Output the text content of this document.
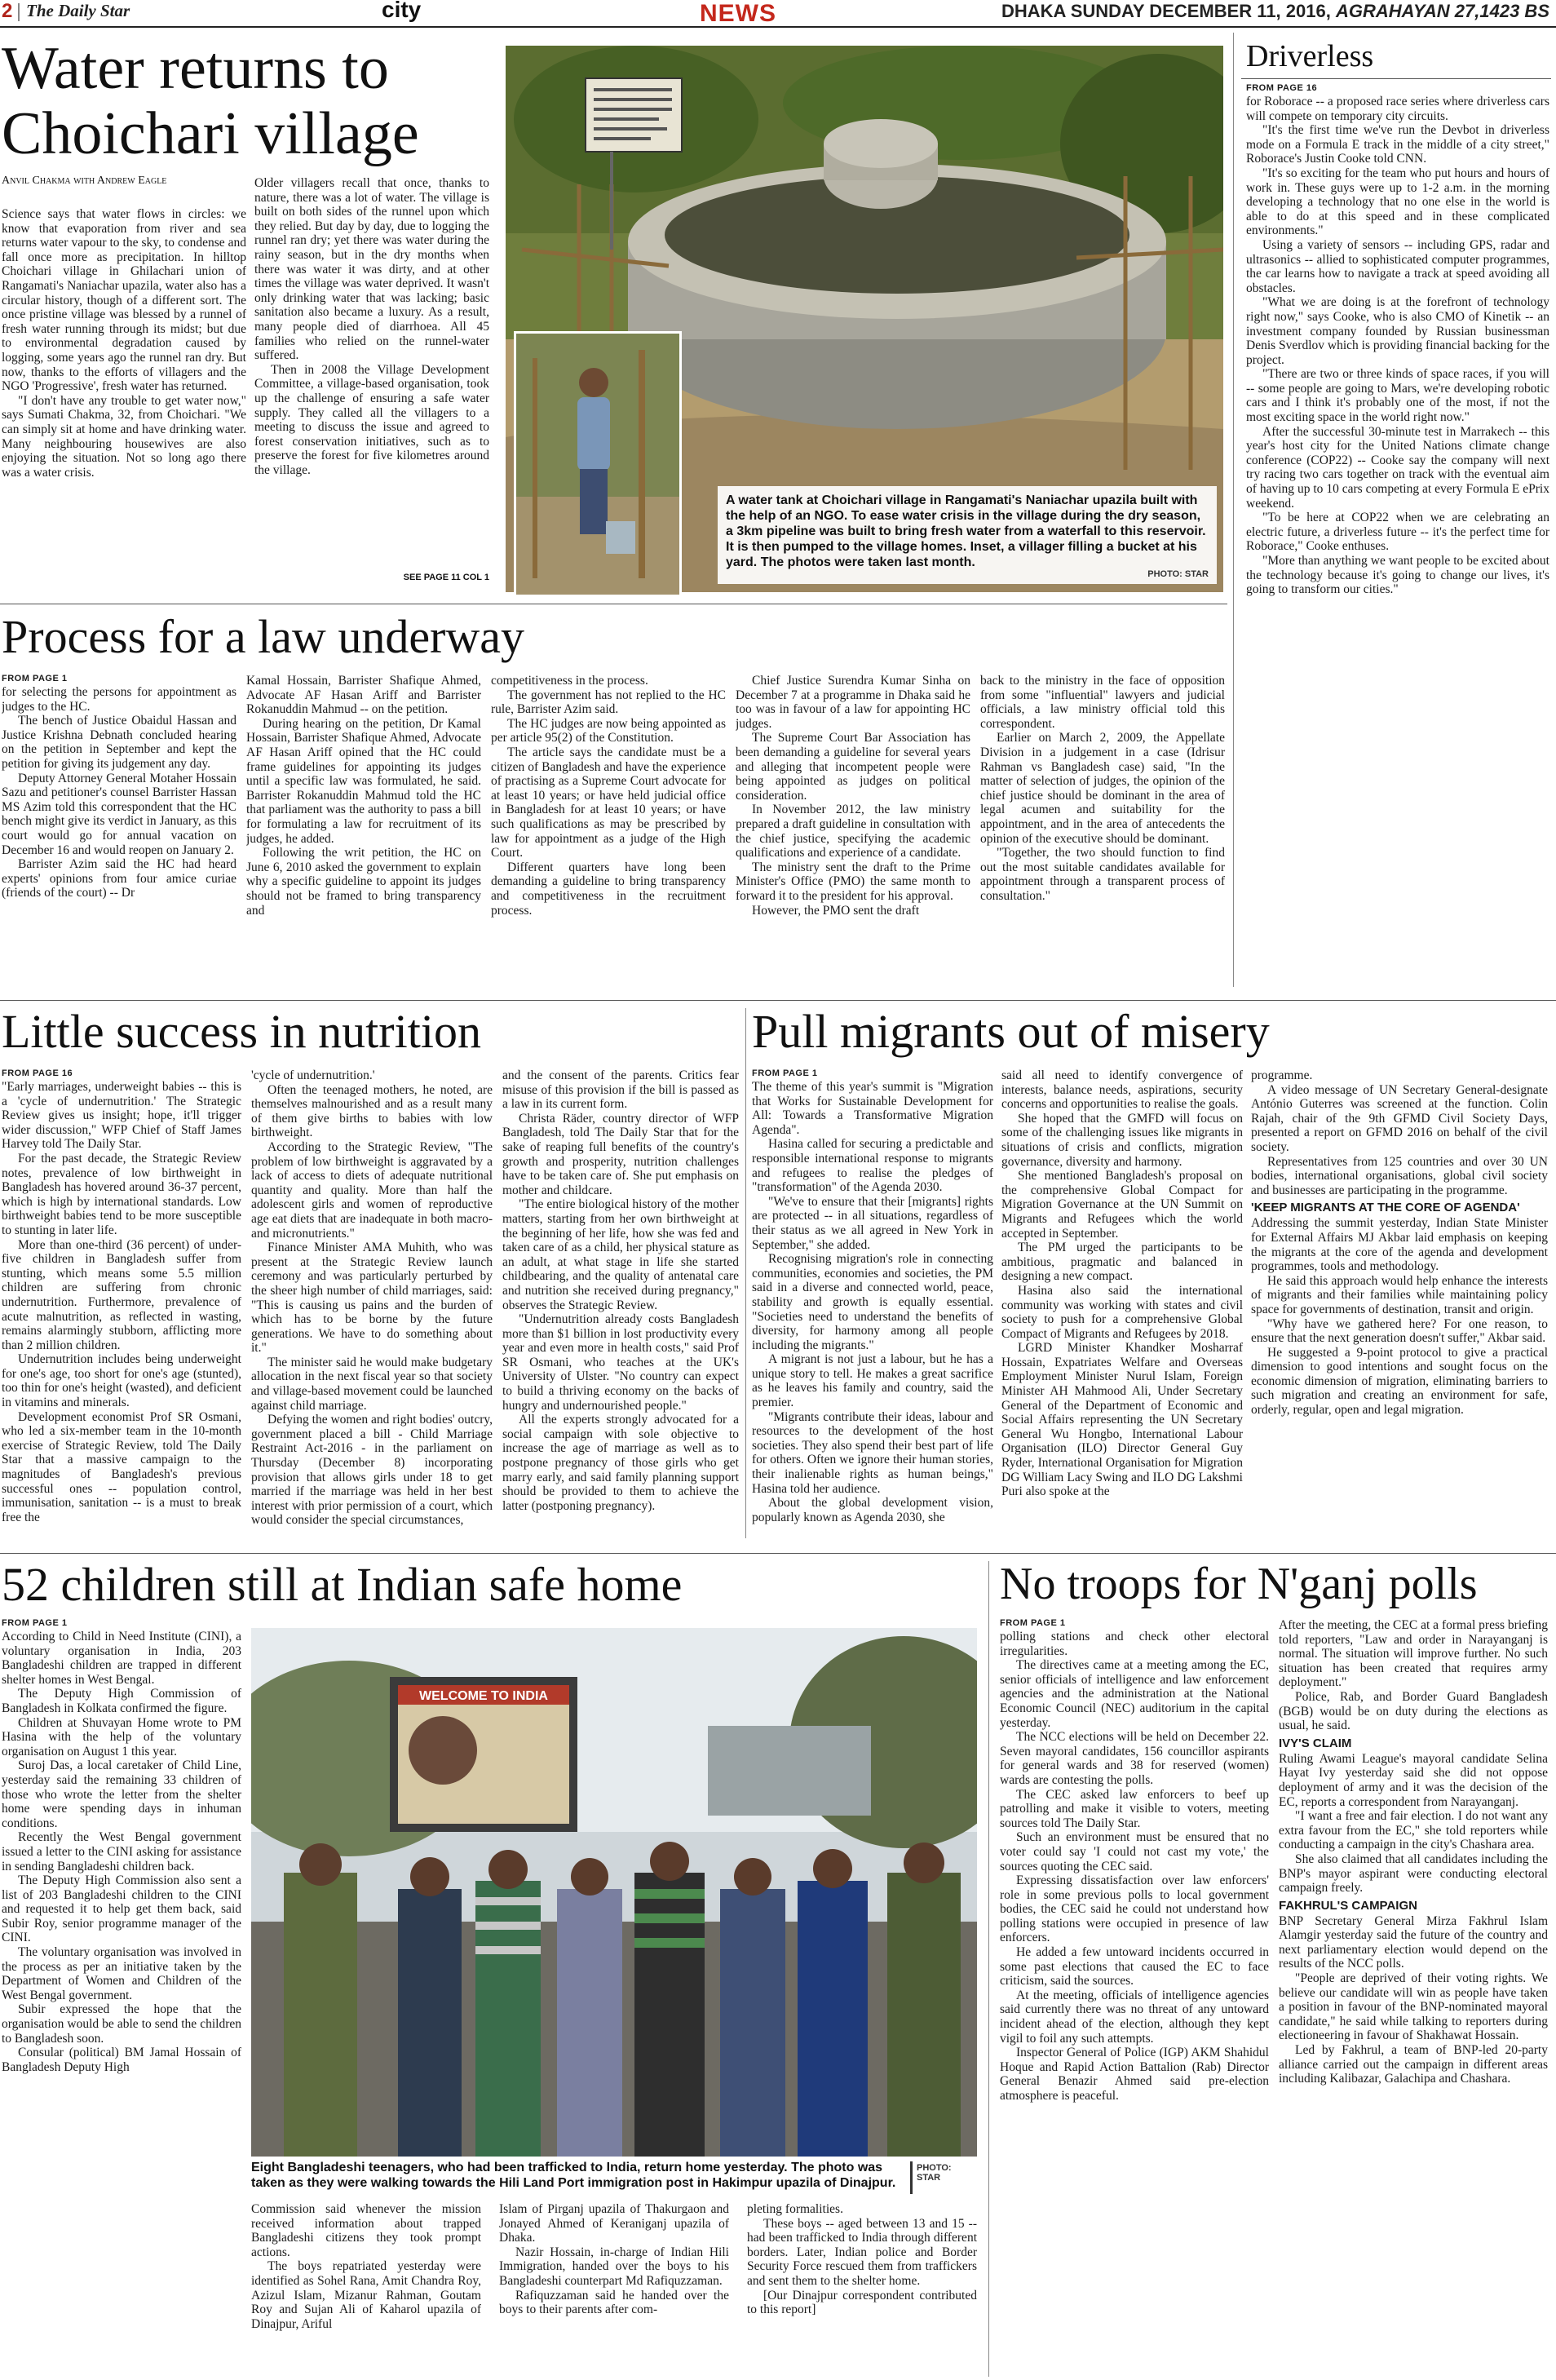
2 The Daily Star	city	NEWS	DHAKA SUNDAY DECEMBER 11, 2016, AGRAHAYAN 27,1423 BS
Water returns to Choichari village
Anvil Chakma with Andrew Eagle

Science says that water flows in circles: we know that evaporation from river and sea returns water vapour to the sky, to condense and fall once more as precipitation. In hilltop Choichari village in Ghilachari union of Rangamati's Naniachar upazila, water also has a circular history, though of a different sort. The once pristine village was blessed by a runnel of fresh water running through its midst; but due to environmental degradation caused by logging, some years ago the runnel ran dry. But now, thanks to the efforts of villagers and the NGO 'Progressive', fresh water has returned.

"I don't have any trouble to get water now," says Sumati Chakma, 32, from Choichari. "We can simply sit at home and have drinking water. Many neighbouring housewives are also enjoying the situation. Not so long ago there was a water crisis.

Older villagers recall that once, thanks to nature, there was a lot of water. The village is built on both sides of the runnel upon which they relied. But day by day, due to logging the runnel ran dry; yet there was water during the rainy season, but in the dry months when there was water it was dirty, and at other times the village was water deprived. It wasn't only drinking water that was lacking; basic sanitation also became a luxury. As a result, many people died of diarrhoea. All 45 families who relied on the runnel-water suffered.

Then in 2008 the Village Development Committee, a village-based organisation, took up the challenge of ensuring a safe water supply. They called all the villagers to a meeting to discuss the issue and agreed to forest conservation initiatives, such as to preserve the forest for five kilometres around the village.

SEE PAGE 11 COL 1
A water tank at Choichari village in Rangamati's Naniachar upazila built with the help of an NGO. To ease water crisis in the village during the dry season, a 3km pipeline was built to bring fresh water from a waterfall to this reservoir. It is then pumped to the village homes. Inset, a villager filling a bucket at his yard. The photos were taken last month.
PHOTO: STAR
Driverless
FROM PAGE 16

for Roborace -- a proposed race series where driverless cars will compete on temporary city circuits.

"It's the first time we've run the Devbot in driverless mode on a Formula E track in the middle of a city street," Roborace's Justin Cooke told CNN.

"It's so exciting for the team who put hours and hours of work in. These guys were up to 1-2 a.m. in the morning developing a technology that no one else in the world is able to do at this speed and in these complicated environments."

Using a variety of sensors -- including GPS, radar and ultrasonics -- allied to sophisticated computer programmes, the car learns how to navigate a track at speed avoiding all obstacles.

"What we are doing is at the forefront of technology right now," says Cooke, who is also CMO of Kinetik -- an investment company founded by Russian businessman Denis Sverdlov which is providing financial backing for the project.

"There are two or three kinds of space races, if you will -- some people are going to Mars, we're developing robotic cars and I think it's probably one of the most, if not the most exciting space in the world right now."

After the successful 30-minute test in Marrakech -- this year's host city for the United Nations climate change conference (COP22) -- Cooke say the company will next try racing two cars together on track with the eventual aim of having up to 10 cars competing at every Formula E ePrix weekend.

"To be here at COP22 when we are celebrating an electric future, a driverless future -- it's the perfect time for Roborace," Cooke enthuses.

"More than anything we want people to be excited about the technology because it's going to change our lives, it's going to transform our cities."

Process for a law underway
FROM PAGE 1

for selecting the persons for appointment as judges to the HC.

The bench of Justice Obaidul Hassan and Justice Krishna Debnath concluded hearing on the petition in September and kept the petition for giving its judgement any day.

Deputy Attorney General Motaher Hossain Sazu and petitioner's counsel Barrister Hassan MS Azim told this correspondent that the HC bench might give its verdict in January, as this court would go for annual vacation on December 16 and would reopen on January 2.

Barrister Azim said the HC had heard experts' opinions from four amice curiae (friends of the court) -- Dr

Kamal Hossain, Barrister Shafique Ahmed, Advocate AF Hasan Ariff and Barrister Rokanuddin Mahmud -- on the petition.

During hearing on the petition, Dr Kamal Hossain, Barrister Shafique Ahmed, Advocate AF Hasan Ariff opined that the HC could frame guidelines for appointing its judges until a specific law was formulated, he said. Barrister Rokanuddin Mahmud told the HC that parliament was the authority to pass a bill for formulating a law for recruitment of its judges, he added.

Following the writ petition, the HC on June 6, 2010 asked the government to explain why a specific guideline to appoint its judges should not be framed to bring transparency and

competitiveness in the process.

The government has not replied to the HC rule, Barrister Azim said.

The HC judges are now being appointed as per article 95(2) of the Constitution.

The article says the candidate must be a citizen of Bangladesh and have the experience of practising as a Supreme Court advocate for at least 10 years; or have held judicial office in Bangladesh for at least 10 years; or have such qualifications as may be prescribed by law for appointment as a judge of the High Court.

Different quarters have long been demanding a guideline to bring transparency and competitiveness in the recruitment process.

Chief Justice Surendra Kumar Sinha on December 7 at a programme in Dhaka said he too was in favour of a law for appointing HC judges.

The Supreme Court Bar Association has been demanding a guideline for several years and alleging that incompetent people were being appointed as judges on political consideration.

In November 2012, the law ministry prepared a draft guideline in consultation with the chief justice, specifying the academic qualifications and experience of a candidate.

The ministry sent the draft to the Prime Minister's Office (PMO) the same month to forward it to the president for his approval.

However, the PMO sent the draft

back to the ministry in the face of opposition from some "influential" lawyers and judicial officials, a law ministry official told this correspondent.

Earlier on March 2, 2009, the Appellate Division in a judgement in a case (Idrisur Rahman vs Bangladesh case) said, "In the matter of selection of judges, the opinion of the chief justice should be dominant in the area of legal acumen and suitability for the appointment, and in the area of antecedents the opinion of the executive should be dominant.

"Together, the two should function to find out the most suitable candidates available for appointment through a transparent process of consultation."

Little success in nutrition
FROM PAGE 16

"Early marriages, underweight babies -- this is a 'cycle of undernutrition.' The Strategic Review gives us insight; hope, it'll trigger wider discussion," WFP Chief of Staff James Harvey told The Daily Star.

For the past decade, the Strategic Review notes, prevalence of low birthweight in Bangladesh has hovered around 36-37 percent, which is high by international standards. Low birthweight babies tend to be more susceptible to stunting in later life.

More than one-third (36 percent) of under-five children in Bangladesh suffer from stunting, which means some 5.5 million children are suffering from chronic undernutrition. Furthermore, prevalence of acute malnutrition, as reflected in wasting, remains alarmingly stubborn, afflicting more than 2 million children.

Undernutrition includes being underweight for one's age, too short for one's age (stunted), too thin for one's height (wasted), and deficient in vitamins and minerals.

Development economist Prof SR Osmani, who led a six-member team in the 10-month exercise of Strategic Review, told The Daily Star that a massive campaign to the magnitudes of Bangladesh's previous successful ones -- population control, immunisation, sanitation -- is a must to break free the

'cycle of undernutrition.'

Often the teenaged mothers, he noted, are themselves malnourished and as a result many of them give births to babies with low birthweight.

According to the Strategic Review, "The problem of low birthweight is aggravated by a lack of access to diets of adequate nutritional quantity and quality. More than half the adolescent girls and women of reproductive age eat diets that are inadequate in both macro- and micronutrients."

Finance Minister AMA Muhith, who was present at the Strategic Review launch ceremony and was particularly perturbed by the sheer high number of child marriages, said: "This is causing us pains and the burden of which has to be borne by the future generations. We have to do something about it."

The minister said he would make budgetary allocation in the next fiscal year so that society and village-based movement could be launched against child marriage.

Defying the women and right bodies' outcry, government placed a bill - Child Marriage Restraint Act-2016 - in the parliament on Thursday (December 8) incorporating provision that allows girls under 18 to get married if the marriage was held in her best interest with prior permission of a court, which would consider the special circumstances,

and the consent of the parents. Critics fear misuse of this provision if the bill is passed as a law in its current form.

Christa Räder, country director of WFP Bangladesh, told The Daily Star that for the sake of reaping full benefits of the country's growth and prosperity, nutrition challenges have to be taken care of. She put emphasis on mother and childcare.

"The entire biological history of the mother matters, starting from her own birthweight at the beginning of her life, how she was fed and taken care of as a child, her physical stature as an adult, at what stage in life she started childbearing, and the quality of antenatal care and nutrition she received during pregnancy," observes the Strategic Review.

"Undernutrition already costs Bangladesh more than $1 billion in lost productivity every year and even more in health costs," said Prof SR Osmani, who teaches at the UK's University of Ulster. "No country can expect to build a thriving economy on the backs of hungry and undernourished people."

All the experts strongly advocated for a social campaign with sole objective to increase the age of marriage as well as to postpone pregnancy of those girls who get marry early, and said family planning support should be provided to them to achieve the latter (postponing pregnancy).

Pull migrants out of misery
FROM PAGE 1

The theme of this year's summit is "Migration that Works for Sustainable Development for All: Towards a Transformative Migration Agenda".

Hasina called for securing a predictable and responsible international response to migrants and refugees to realise the pledges of "transformation" of the Agenda 2030.

"We've to ensure that their [migrants] rights are protected -- in all situations, regardless of their status as we all agreed in New York in September," she added.

Recognising migration's role in connecting communities, economies and societies, the PM said in a diverse and connected world, peace, stability and growth is equally essential. "Societies need to understand the benefits of diversity, for harmony among all people including the migrants."

A migrant is not just a labour, but he has a unique story to tell. He makes a great sacrifice as he leaves his family and country, said the premier.

"Migrants contribute their ideas, labour and resources to the development of the host societies. They also spend their best part of life for others. Often we ignore their human stories, their inalienable rights as human beings," Hasina told her audience.

About the global development vision, popularly known as Agenda 2030, she

said all need to identify convergence of interests, balance needs, aspirations, security concerns and opportunities to realise the goals.

She hoped that the GMFD will focus on some of the challenging issues like migrants in situations of crisis and conflicts, migration governance, diversity and harmony.

She mentioned Bangladesh's proposal on the comprehensive Global Compact for Migration Governance at the UN Summit on Migrants and Refugees which the world accepted in September.

The PM urged the participants to be ambitious, pragmatic and balanced in designing a new compact.

Hasina also said the international community was working with states and civil society to push for a comprehensive Global Compact of Migrants and Refugees by 2018.

LGRD Minister Khandker Mosharraf Hossain, Expatriates Welfare and Overseas Employment Minister Nurul Islam, Foreign Minister AH Mahmood Ali, Under Secretary General of the Department of Economic and Social Affairs representing the UN Secretary General Wu Hongbo, International Labour Organisation (ILO) Director General Guy Ryder, International Organisation for Migration DG William Lacy Swing and ILO DG Lakshmi Puri also spoke at the

programme.

A video message of UN Secretary General-designate António Guterres was screened at the function. Colin Rajah, chair of the 9th GFMD Civil Society Days, presented a report on GFMD 2016 on behalf of the civil society.

Representatives from 125 countries and over 30 UN bodies, international organisations, global civil society and businesses are participating in the programme.

'KEEP MIGRANTS AT THE CORE OF AGENDA'

Addressing the summit yesterday, Indian State Minister for External Affairs MJ Akbar laid emphasis on keeping the migrants at the core of the agenda and development programmes, tools and methodology.

He said this approach would help enhance the interests of migrants and their families while maintaining policy space for governments of destination, transit and origin.

"Why have we gathered here? For one reason, to ensure that the next generation doesn't suffer," Akbar said.

He suggested a 9-point protocol to give a practical dimension to good intentions and sought focus on the economic dimension of migration, eliminating barriers to such migration and creating an environment for safe, orderly, regular, open and legal migration.

52 children still at Indian safe home
FROM PAGE 1

According to Child in Need Institute (CINI), a voluntary organisation in India, 203 Bangladeshi children are trapped in different shelter homes in West Bengal.

The Deputy High Commission of Bangladesh in Kolkata confirmed the figure.

Children at Shuvayan Home wrote to PM Hasina with the help of the voluntary organisation on August 1 this year.

Suroj Das, a local caretaker of Child Line, yesterday said the remaining 33 children of those who wrote the letter from the shelter home were spending days in inhuman conditions.

Recently the West Bengal government issued a letter to the CINI asking for assistance in sending Bangladeshi children back.

The Deputy High Commission also sent a list of 203 Bangladeshi children to the CINI and requested it to help get them back, said Subir Roy, senior programme manager of the CINI.

The voluntary organisation was involved in the process as per an initiative taken by the Department of Women and Children of the West Bengal government.

Subir expressed the hope that the organisation would be able to send the children to Bangladesh soon.

Consular (political) BM Jamal Hossain of Bangladesh Deputy High

WELCOME TO INDIA
Eight Bangladeshi teenagers, who had been trafficked to India, return home yesterday. The photo was taken as they were walking towards the Hili Land Port immigration post in Hakimpur upazila of Dinajpur.
PHOTO: STAR

Commission said whenever the mission received information about trapped Bangladeshi citizens they took prompt actions.

The boys repatriated yesterday were identified as Sohel Rana, Amit Chandra Roy, Azizul Islam, Mizanur Rahman, Goutam Roy and Sujan Ali of Kaharol upazila of Dinajpur, Ariful

Islam of Pirganj upazila of Thakurgaon and Jonayed Ahmed of Keraniganj upazila of Dhaka.

Nazir Hossain, in-charge of Indian Hili Immigration, handed over the boys to his Bangladeshi counterpart Md Rafiquzzaman.

Rafiquzzaman said he handed over the boys to their parents after com-

pleting formalities.

These boys -- aged between 13 and 15 -- had been trafficked to India through different borders. Later, Indian police and Border Security Force rescued them from traffickers and sent them to the shelter home.

[Our Dinajpur correspondent contributed to this report]

No troops for N'ganj polls
FROM PAGE 1

polling stations and check other electoral irregularities.

The directives came at a meeting among the EC, senior officials of intelligence and law enforcement agencies and the administration at the National Economic Council (NEC) auditorium in the capital yesterday.

The NCC elections will be held on December 22. Seven mayoral candidates, 156 councillor aspirants for general wards and 38 for reserved (women) wards are contesting the polls.

The CEC asked law enforcers to beef up patrolling and make it visible to voters, meeting sources told The Daily Star.

Such an environment must be ensured that no voter could say 'I could not cast my vote,' the sources quoting the CEC said.

Expressing dissatisfaction over law enforcers' role in some previous polls to local government bodies, the CEC said he could not understand how polling stations were occupied in presence of law enforcers.

He added a few untoward incidents occurred in some past elections that caused the EC to face criticism, said the sources.

At the meeting, officials of intelligence agencies said currently there was no threat of any untoward incident ahead of the election, although they kept vigil to foil any such attempts.

Inspector General of Police (IGP) AKM Shahidul Hoque and Rapid Action Battalion (Rab) Director General Benazir Ahmed said pre-election atmosphere is peaceful.

After the meeting, the CEC at a formal press briefing told reporters, "Law and order in Narayanganj is normal. The situation will improve further. No such situation has been created that requires army deployment."

Police, Rab, and Border Guard Bangladesh (BGB) would be on duty during the elections as usual, he said.

IVY'S CLAIM

Ruling Awami League's mayoral candidate Selina Hayat Ivy yesterday said she did not oppose deployment of army and it was the decision of the EC, reports a correspondent from Narayanganj.

"I want a free and fair election. I do not want any extra favour from the EC," she told reporters while conducting a campaign in the city's Chashara area.

She also claimed that all candidates including the BNP's mayor aspirant were conducting electoral campaign freely.

FAKHRUL'S CAMPAIGN

BNP Secretary General Mirza Fakhrul Islam Alamgir yesterday said the future of the country and next parliamentary election would depend on the results of the NCC polls.

"People are deprived of their voting rights. We believe our candidate will win as people have taken a position in favour of the BNP-nominated mayoral candidate," he said while talking to reporters during electioneering in favour of Shakhawat Hossain.

Led by Fakhrul, a team of BNP-led 20-party alliance carried out the campaign in different areas including Kalibazar, Galachipa and Chashara.
